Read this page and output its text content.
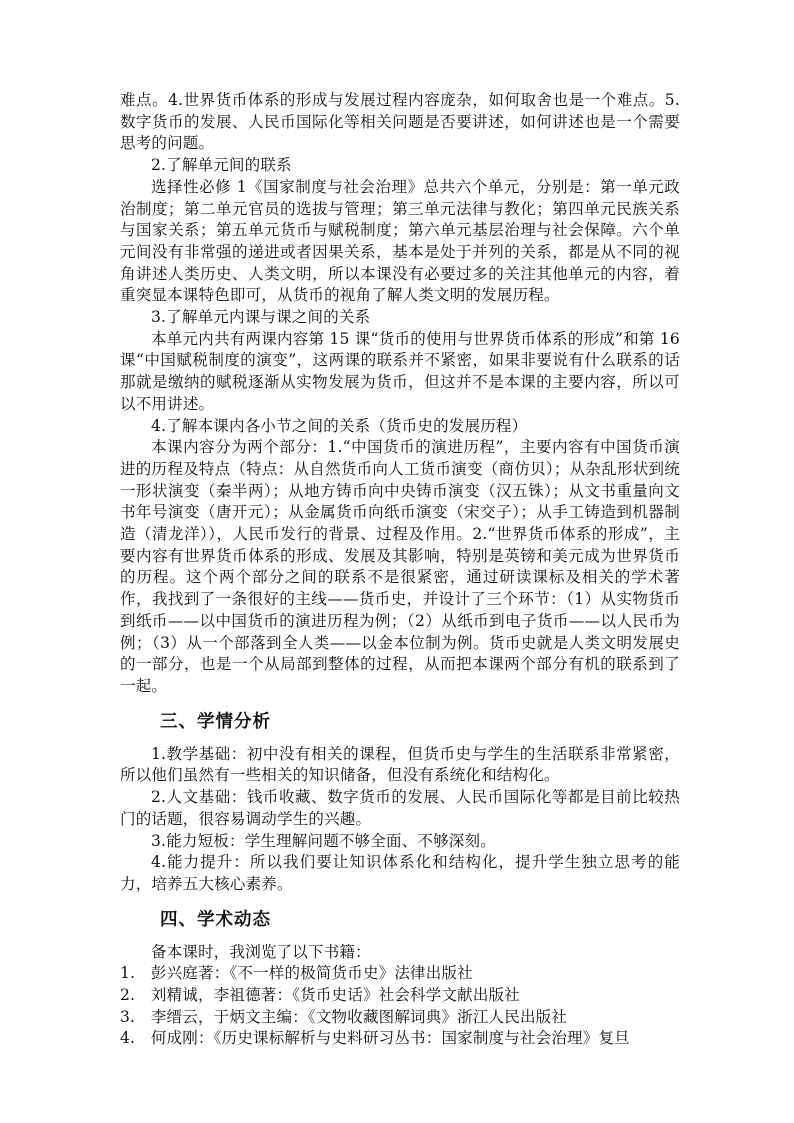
难点。4.世界货币体系的形成与发展过程内容庞杂，如何取舍也是一个难点。5.数字货币的发展、人民币国际化等相关问题是否要讲述，如何讲述也是一个需要思考的问题。

2.了解单元间的联系

选择性必修 1《国家制度与社会治理》总共六个单元，分别是：第一单元政治制度；第二单元官员的选拔与管理；第三单元法律与教化；第四单元民族关系与国家关系；第五单元货币与赋税制度；第六单元基层治理与社会保障。六个单元间没有非常强的递进或者因果关系，基本是处于并列的关系，都是从不同的视角讲述人类历史、人类文明，所以本课没有必要过多的关注其他单元的内容，着重突显本课特色即可，从货币的视角了解人类文明的发展历程。

3.了解单元内课与课之间的关系

本单元内共有两课内容第 15 课“货币的使用与世界货币体系的形成”和第 16 课“中国赋税制度的演变”，这两课的联系并不紧密，如果非要说有什么联系的话那就是缴纳的赋税逐渐从实物发展为货币，但这并不是本课的主要内容，所以可以不用讲述。

4.了解本课内各小节之间的关系（货币史的发展历程）

本课内容分为两个部分：1.“中国货币的演进历程”，主要内容有中国货币演进的历程及特点（特点：从自然货币向人工货币演变（商仿贝）；从杂乱形状到统一形状演变（秦半两）；从地方铸币向中央铸币演变（汉五铢）；从文书重量向文书年号演变（唐开元）；从金属货币向纸币演变（宋交子）；从手工铸造到机器制造（清龙洋）），人民币发行的背景、过程及作用。2.“世界货币体系的形成”，主要内容有世界货币体系的形成、发展及其影响，特别是英镑和美元成为世界货币的历程。这个两个部分之间的联系不是很紧密，通过研读课标及相关的学术著作，我找到了一条很好的主线——货币史，并设计了三个环节：（1）从实物货币到纸币——以中国货币的演进历程为例；（2）从纸币到电子货币——以人民币为例；（3）从一个部落到全人类——以金本位制为例。货币史就是人类文明发展史的一部分，也是一个从局部到整体的过程，从而把本课两个部分有机的联系到了一起。

三、学情分析

1.教学基础：初中没有相关的课程，但货币史与学生的生活联系非常紧密，所以他们虽然有一些相关的知识储备，但没有系统化和结构化。

2.人文基础：钱币收藏、数字货币的发展、人民币国际化等都是目前比较热门的话题，很容易调动学生的兴趣。

3.能力短板：学生理解问题不够全面、不够深刻。

4.能力提升：所以我们要让知识体系化和结构化，提升学生独立思考的能力，培养五大核心素养。

四、学术动态

备本课时，我浏览了以下书籍：

1.　彭兴庭著：《不一样的极简货币史》法律出版社

2.　刘精诚，李祖德著：《货币史话》社会科学文献出版社

3.　李缙云，于炳文主编：《文物收藏图解词典》浙江人民出版社

4.　何成刚：《历史课标解析与史料研习丛书：国家制度与社会治理》复旦
